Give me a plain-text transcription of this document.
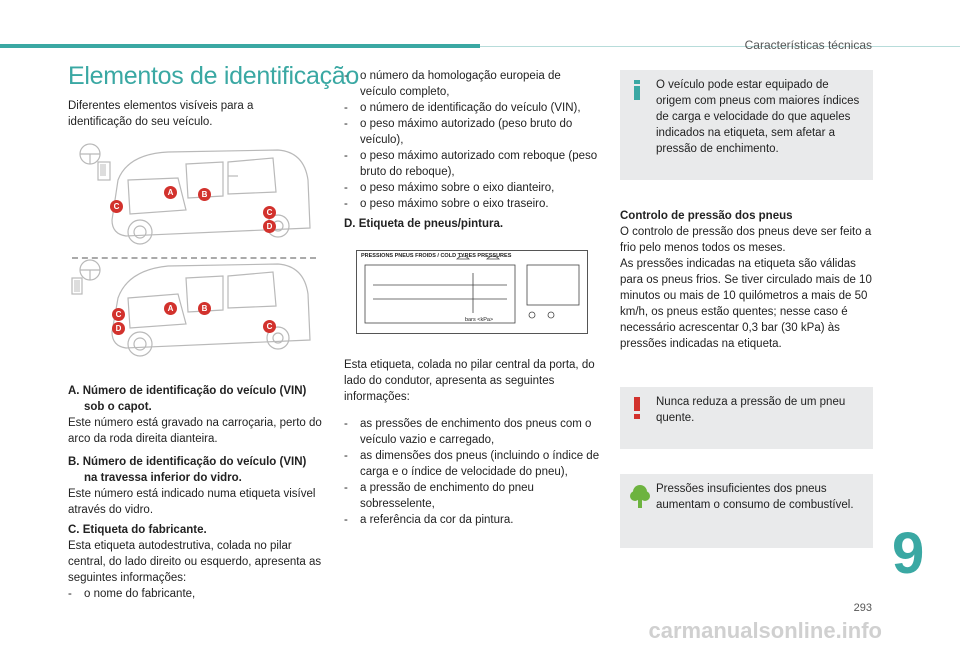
Características técnicas
Elementos de identificação
Diferentes elementos visíveis para a identificação do seu veículo.
A	B
C
C
D
A	B
C
D	C
A. Número de identificação do veículo (VIN)
sob o capot.

Este número está gravado na carroçaria, perto do arco da roda direita dianteira.

B. Número de identificação do veículo (VIN)
na travessa inferior do vidro.

Este número está indicado numa etiqueta visível através do vidro.

C. Etiqueta do fabricante.

Esta etiqueta autodestrutiva, colada no pilar central, do lado direito ou esquerdo, apresenta as seguintes informações:

- o nome do fabricante,
- o número da homologação europeia de veículo completo,
- o número de identificação do veículo (VIN),
- o peso máximo autorizado (peso bruto do veículo),
- o peso máximo autorizado com reboque (peso bruto do reboque),
- o peso máximo sobre o eixo dianteiro,
- o peso máximo sobre o eixo traseiro.
D. Etiqueta de pneus/pintura.
PRESSIONS PNEUS FROIDS / COLD TYRES PRESSURES
bars <kPa>
Esta etiqueta, colada no pilar central da porta, do lado do condutor, apresenta as seguintes informações:
- as pressões de enchimento dos pneus com o veículo vazio e carregado,
- as dimensões dos pneus (incluindo o índice de carga e o índice de velocidade do pneu),
- a pressão de enchimento do pneu sobresselente,
- a referência da cor da pintura.
O veículo pode estar equipado de origem com pneus com maiores índices de carga e velocidade do que aqueles indicados na etiqueta, sem afetar a pressão de enchimento.
Controlo de pressão dos pneus

O controlo de pressão dos pneus deve ser feito a frio pelo menos todos os meses.

As pressões indicadas na etiqueta são válidas para os pneus frios. Se tiver circulado mais de 10 minutos ou mais de 10 quilómetros a mais de 50 km/h, os pneus estão quentes; nesse caso é necessário acrescentar 0,3 bar (30 kPa) às pressões indicadas na etiqueta.

Nunca reduza a pressão de um pneu quente.
Pressões insuficientes dos pneus aumentam o consumo de combustível.
9
293
carmanualsonline.info
